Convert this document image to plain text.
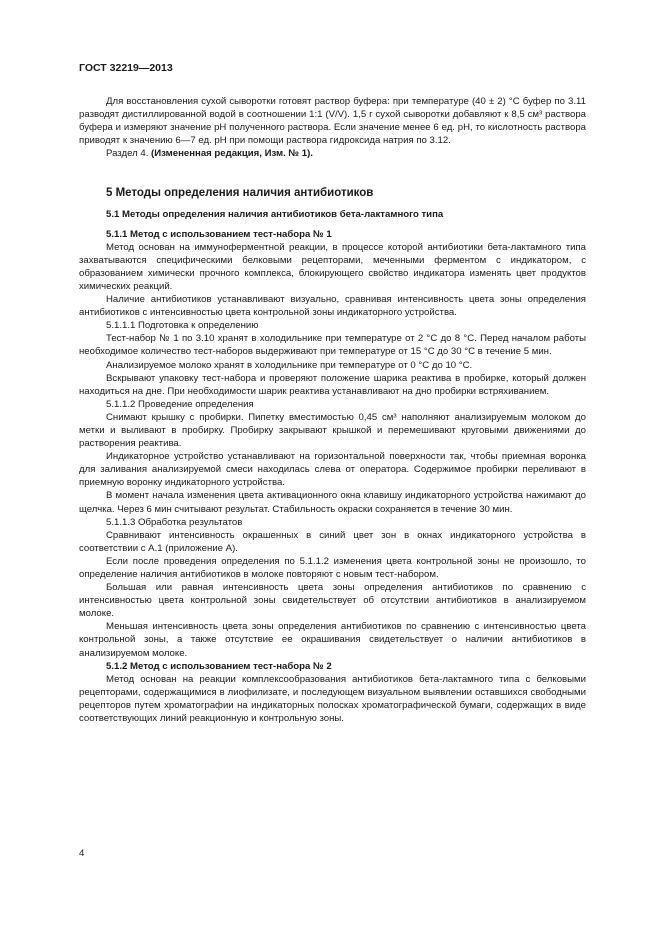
ГОСТ 32219—2013

Для восстановления сухой сыворотки готовят раствор буфера: при температуре (40 ± 2) °С буфер по 3.11 разводят дистиллированной водой в соотношении 1:1 (V/V). 1,5 г сухой сыворотки добавляют к 8,5 см³ раствора буфера и измеряют значение pH полученного раствора. Если значение менее 6 ед. pH, то кислотность раствора приводят к значению 6—7 ед. pH при помощи раствора гидроксида натрия по 3.12.

Раздел 4. (Измененная редакция, Изм. № 1).

5 Методы определения наличия антибиотиков

5.1 Методы определения наличия антибиотиков бета-лактамного типа

5.1.1 Метод с использованием тест-набора № 1

Метод основан на иммуноферментной реакции, в процессе которой антибиотики бета-лактамного типа захватываются специфическими белковыми рецепторами, меченными ферментом с индикатором, с образованием химически прочного комплекса, блокирующего свойство индикатора изменять цвет продуктов химических реакций.

Наличие антибиотиков устанавливают визуально, сравнивая интенсивность цвета зоны определения антибиотиков с интенсивностью цвета контрольной зоны индикаторного устройства.

5.1.1.1 Подготовка к определению

Тест-набор № 1 по 3.10 хранят в холодильнике при температуре от 2 °С до 8 °С. Перед началом работы необходимое количество тест-наборов выдерживают при температуре от 15 °С до 30 °С в течение 5 мин.

Анализируемое молоко хранят в холодильнике при температуре от 0 °С до 10 °С.

Вскрывают упаковку тест-набора и проверяют положение шарика реактива в пробирке, который должен находиться на дне. При необходимости шарик реактива устанавливают на дно пробирки встряхиванием.

5.1.1.2 Проведение определения

Снимают крышку с пробирки. Пипетку вместимостью 0,45 см³ наполняют анализируемым молоком до метки и выливают в пробирку. Пробирку закрывают крышкой и перемешивают круговыми движениями до растворения реактива.

Индикаторное устройство устанавливают на горизонтальной поверхности так, чтобы приемная воронка для заливания анализируемой смеси находилась слева от оператора. Содержимое пробирки переливают в приемную воронку индикаторного устройства.

В момент начала изменения цвета активационного окна клавишу индикаторного устройства нажимают до щелчка. Через 6 мин считывают результат. Стабильность окраски сохраняется в течение 30 мин.

5.1.1.3 Обработка результатов

Сравнивают интенсивность окрашенных в синий цвет зон в окнах индикаторного устройства в соответствии с А.1 (приложение А).

Если после проведения определения по 5.1.1.2 изменения цвета контрольной зоны не произошло, то определение наличия антибиотиков в молоке повторяют с новым тест-набором.

Большая или равная интенсивность цвета зоны определения антибиотиков по сравнению с интенсивностью цвета контрольной зоны свидетельствует об отсутствии антибиотиков в анализируемом молоке.

Меньшая интенсивность цвета зоны определения антибиотиков по сравнению с интенсивностью цвета контрольной зоны, а также отсутствие ее окрашивания свидетельствует о наличии антибиотиков в анализируемом молоке.

5.1.2 Метод с использованием тест-набора № 2

Метод основан на реакции комплексообразования антибиотиков бета-лактамного типа с белковыми рецепторами, содержащимися в лиофилизате, и последующем визуальном выявлении оставшихся свободными рецепторов путем хроматографии на индикаторных полосках хроматографической бумаги, содержащих в виде соответствующих линий реакционную и контрольную зоны.

4
